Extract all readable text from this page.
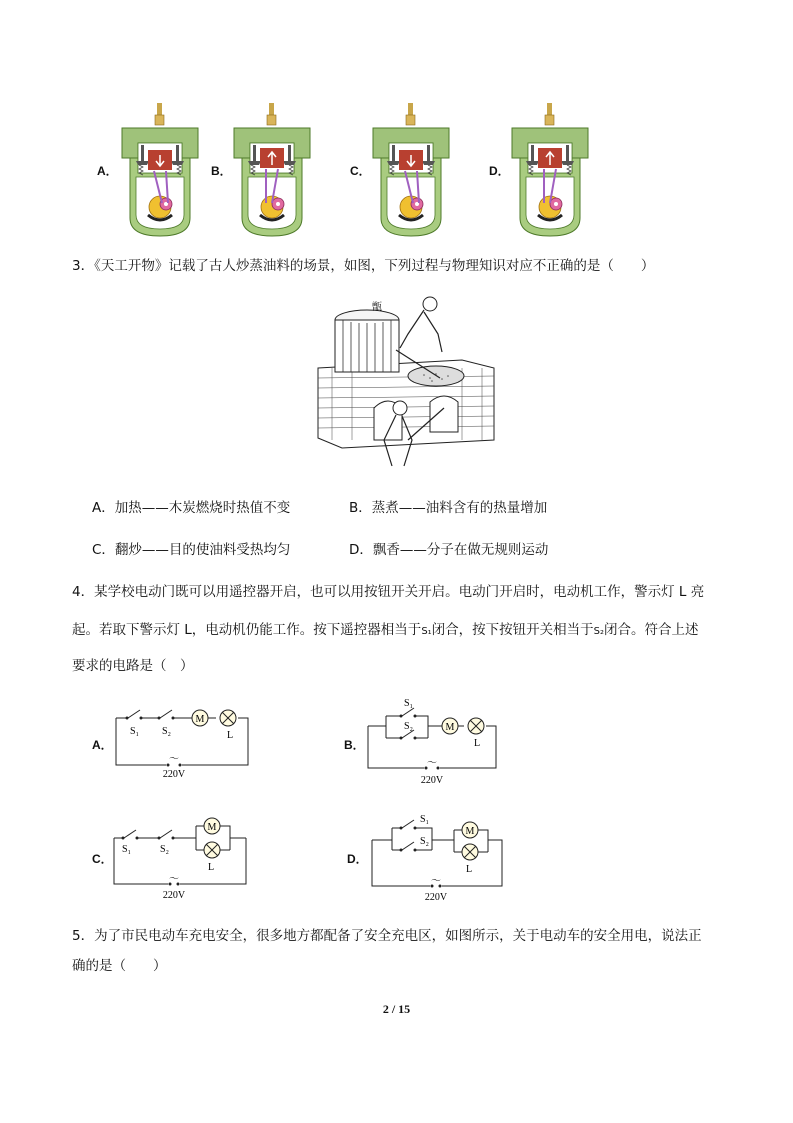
A．	B．	C．	D．
3．《天工开物》记载了古人炒蒸油料的场景，如图，下列过程与物理知识对应不正确的是（　　）
甑
A．加热——木炭燃烧时热值不变	B．蒸煮——油料含有的热量增加
C．翻炒——目的使油料受热均匀	D．飘香——分子在做无规则运动
4．某学校电动门既可以用遥控器开启，也可以用按钮开关开启。电动门开启时，电动机工作，警示灯 L 亮
起。若取下警示灯 L，电动机仍能工作。按下遥控器相当于S₁闭合，按下按钮开关相当于S₂闭合。符合上述
要求的电路是（　）
A．	B．
C．	D．
M
S₁ S₂	L
～
220V
M
S₁
S₂
L
～
220V
M
S₁	S₂
L
～
220V
M
S₁
S₂
L
～
220V
5．为了市民电动车充电安全，很多地方都配备了安全充电区，如图所示，关于电动车的安全用电，说法正
确的是（　　）
2 / 15
